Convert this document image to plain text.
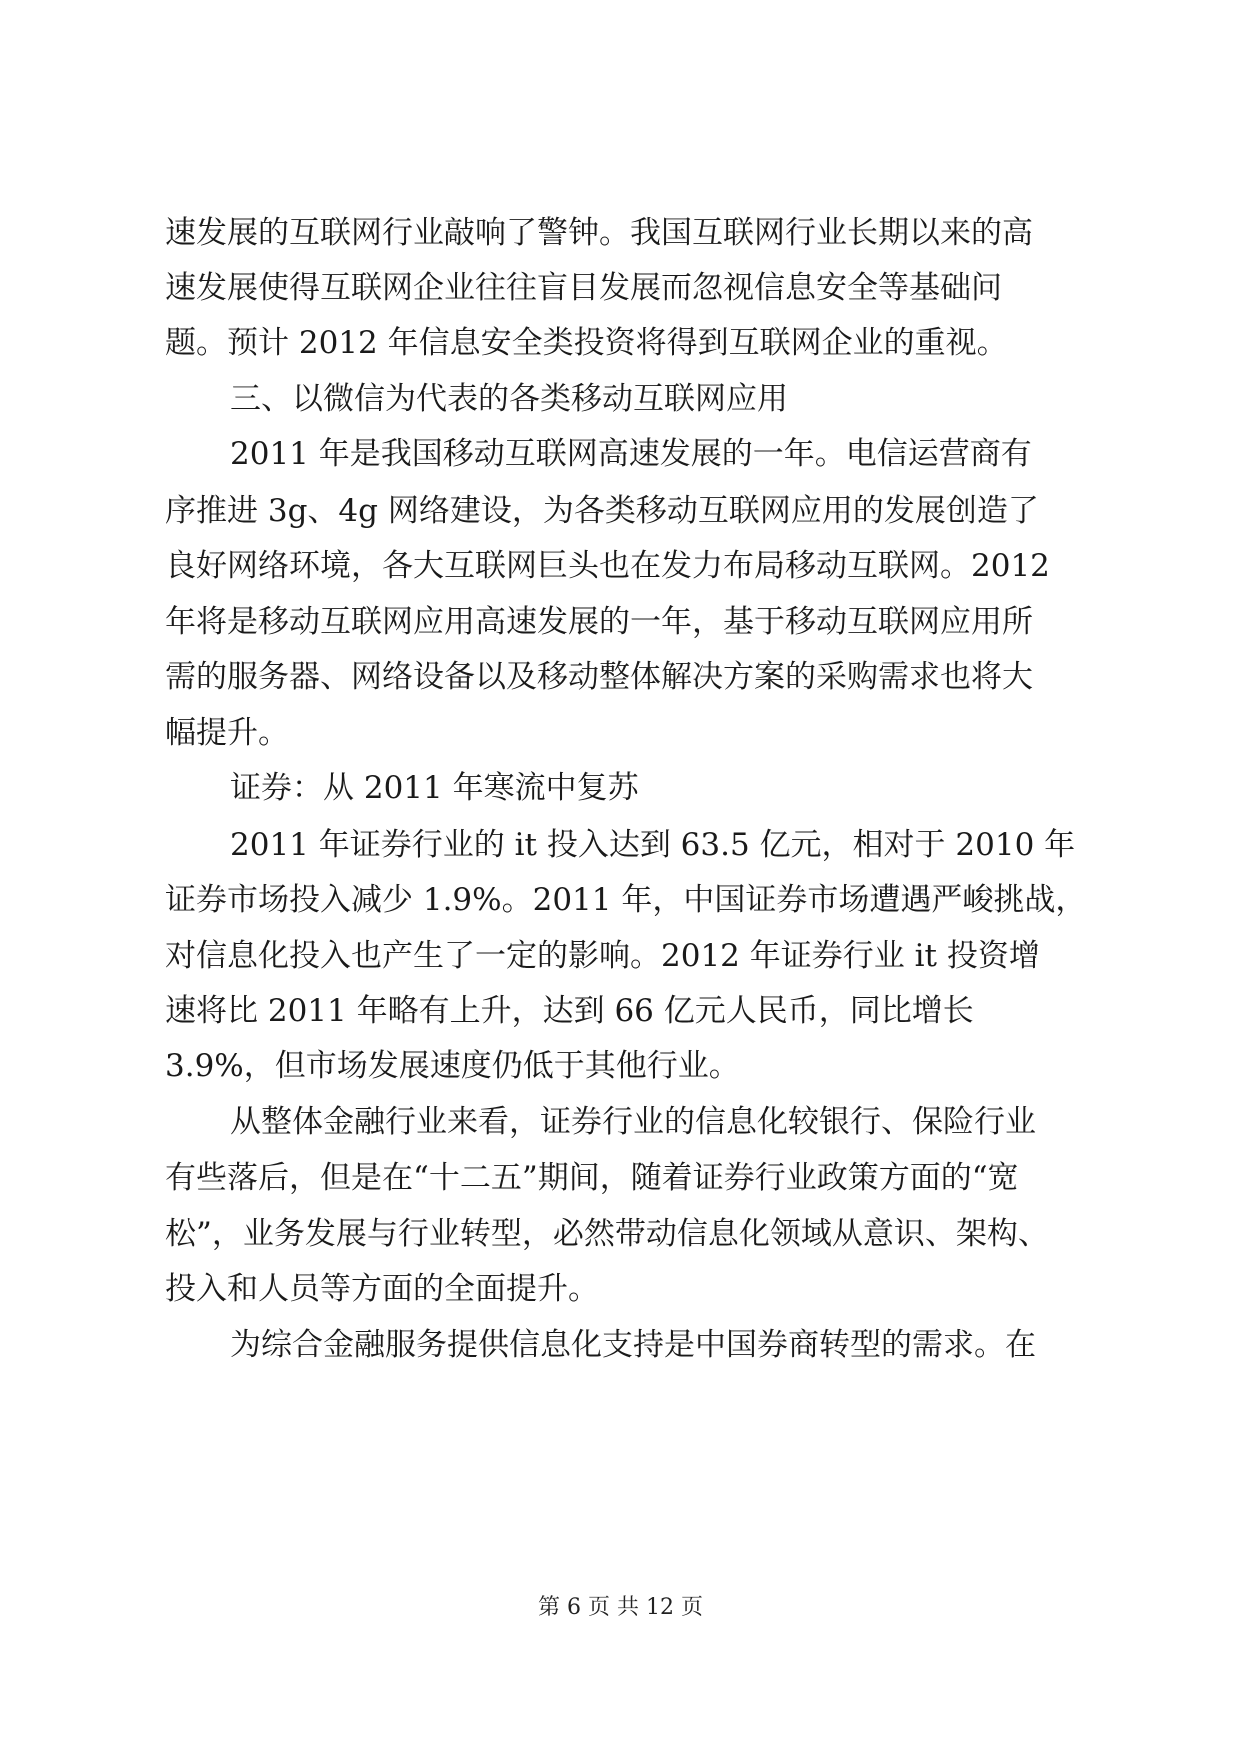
速发展的互联网行业敲响了警钟。我国互联网行业长期以来的高
速发展使得互联网企业往往盲目发展而忽视信息安全等基础问
题。预计 2012 年信息安全类投资将得到互联网企业的重视。
三、以微信为代表的各类移动互联网应用
2011 年是我国移动互联网高速发展的一年。电信运营商有
序推进 3g、4g 网络建设，为各类移动互联网应用的发展创造了
良好网络环境，各大互联网巨头也在发力布局移动互联网。2012
年将是移动互联网应用高速发展的一年，基于移动互联网应用所
需的服务器、网络设备以及移动整体解决方案的采购需求也将大
幅提升。
证券：从 2011 年寒流中复苏
2011 年证券行业的 it 投入达到 63.5 亿元，相对于 2010 年
证券市场投入减少 1.9%。2011 年，中国证券市场遭遇严峻挑战，
对信息化投入也产生了一定的影响。2012 年证券行业 it 投资增
速将比 2011 年略有上升，达到 66 亿元人民币，同比增长
3.9%，但市场发展速度仍低于其他行业。
从整体金融行业来看，证券行业的信息化较银行、保险行业
有些落后，但是在“十二五”期间，随着证券行业政策方面的“宽
松”，业务发展与行业转型，必然带动信息化领域从意识、架构、
投入和人员等方面的全面提升。
为综合金融服务提供信息化支持是中国券商转型的需求。在
第 6 页 共 12 页
